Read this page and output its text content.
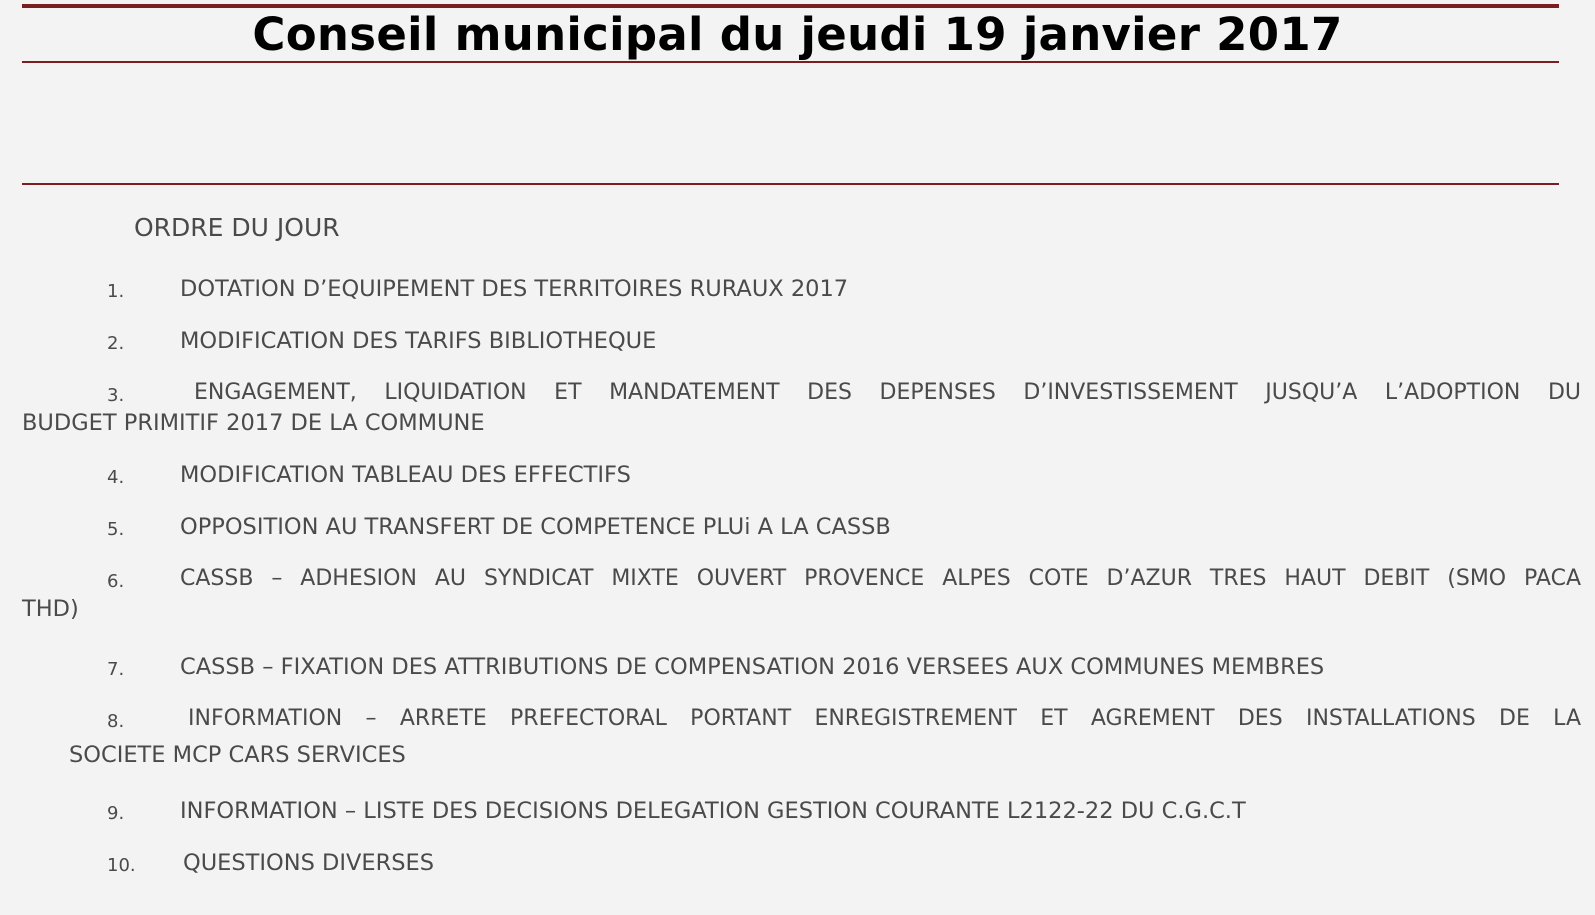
Conseil municipal du jeudi 19 janvier 2017
ORDRE DU JOUR
1.	DOTATION D’EQUIPEMENT DES TERRITOIRES RURAUX 2017
2.	MODIFICATION DES TARIFS BIBLIOTHEQUE
3.	ENGAGEMENT, LIQUIDATION ET MANDATEMENT DES DEPENSES D’INVESTISSEMENT JUSQU’A L’ADOPTION DU
BUDGET PRIMITIF 2017 DE LA COMMUNE
4.	MODIFICATION TABLEAU DES EFFECTIFS
5.	OPPOSITION AU TRANSFERT DE COMPETENCE PLUi A LA CASSB
6.	CASSB – ADHESION AU SYNDICAT MIXTE OUVERT PROVENCE ALPES COTE D’AZUR TRES HAUT DEBIT (SMO PACA
THD)
7.	CASSB – FIXATION DES ATTRIBUTIONS DE COMPENSATION 2016 VERSEES AUX COMMUNES MEMBRES
8.	INFORMATION – ARRETE PREFECTORAL PORTANT ENREGISTREMENT ET AGREMENT DES INSTALLATIONS DE LA
SOCIETE MCP CARS SERVICES
9.	INFORMATION – LISTE DES DECISIONS DELEGATION GESTION COURANTE L2122-22 DU C.G.C.T
10.	QUESTIONS DIVERSES
